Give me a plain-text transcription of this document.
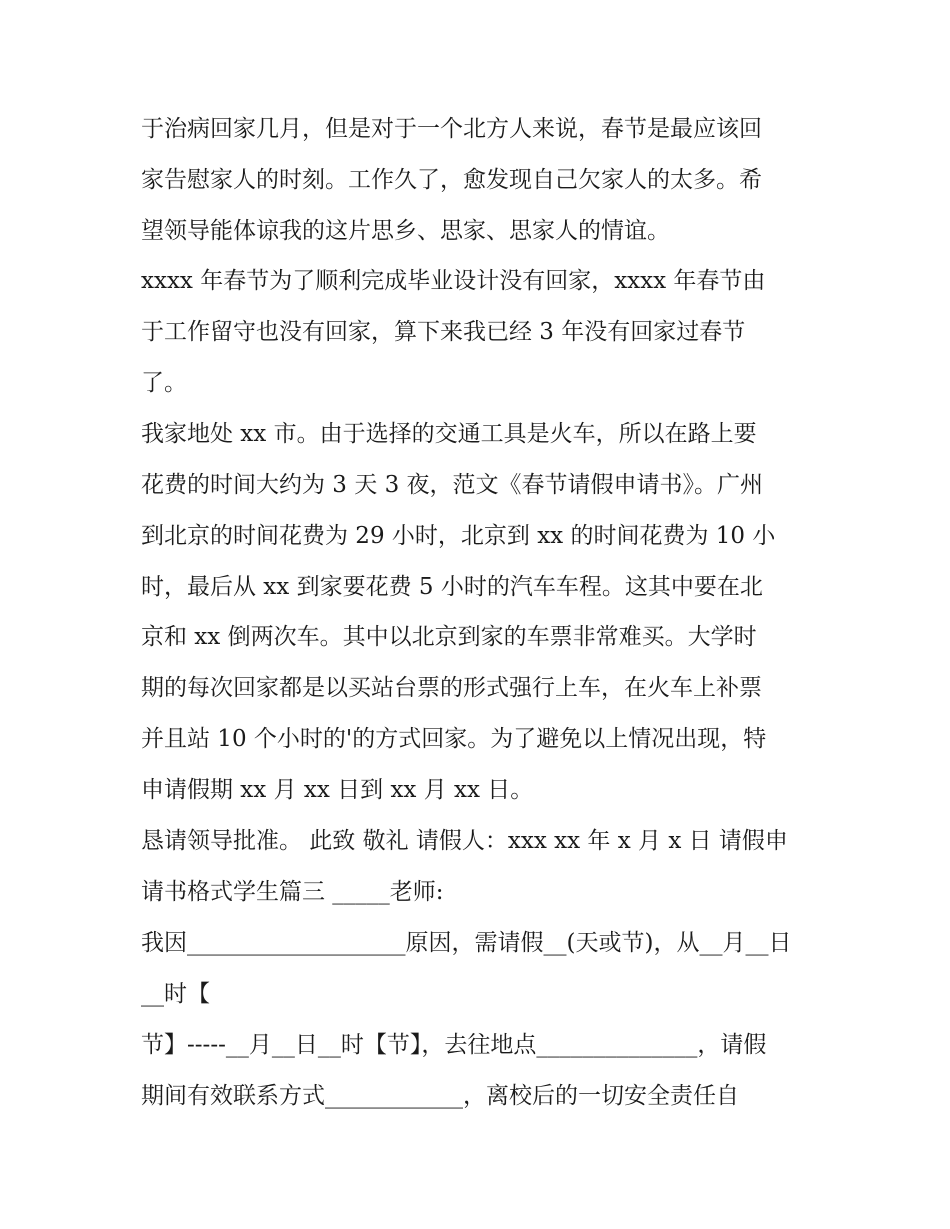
于治病回家几月，但是对于一个北方人来说，春节是最应该回
家告慰家人的时刻。工作久了，愈发现自己欠家人的太多。希
望领导能体谅我的这片思乡、思家、思家人的情谊。
xxxx 年春节为了顺利完成毕业设计没有回家，xxxx 年春节由
于工作留守也没有回家，算下来我已经 3 年没有回家过春节
了。
我家地处 xx 市。由于选择的交通工具是火车，所以在路上要
花费的时间大约为 3 天 3 夜，范文《春节请假申请书》。广州
到北京的时间花费为 29 小时，北京到 xx 的时间花费为 10 小
时，最后从 xx 到家要花费 5 小时的汽车车程。这其中要在北
京和 xx 倒两次车。其中以北京到家的车票非常难买。大学时
期的每次回家都是以买站台票的形式强行上车，在火车上补票
并且站 10 个小时的'的方式回家。为了避免以上情况出现，特
申请假期 xx 月 xx 日到 xx 月 xx 日。
恳请领导批准。 此致 敬礼 请假人：xxx xx 年 x 月 x 日 请假申
请书格式学生篇三 _____老师:
我因___________________原因，需请假__(天或节)，从__月__日
__时【
节】-----__月__日__时【节】，去往地点______________，请假
期间有效联系方式____________，离校后的一切安全责任自
